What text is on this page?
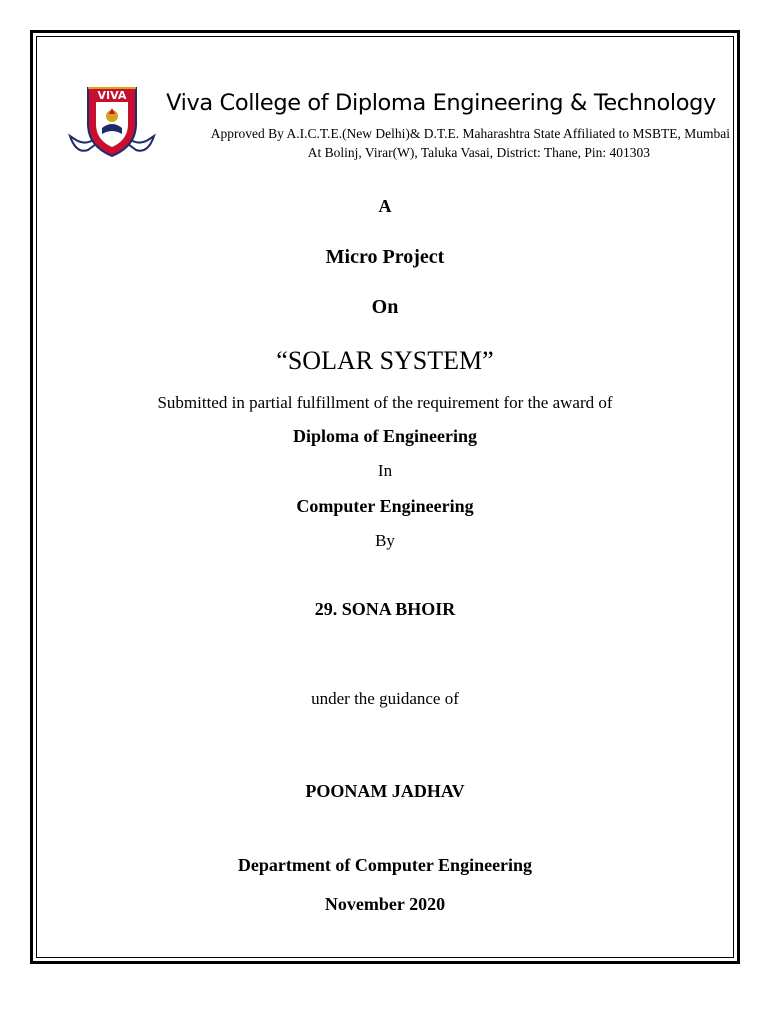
VIVA	Viva College of Diploma Engineering & Technology
Approved By A.I.C.T.E.(New Delhi)& D.T.E. Maharashtra State Affiliated to MSBTE, Mumbai
At Bolinj, Virar(W), Taluka Vasai, District: Thane, Pin: 401303
A
Micro Project
On
“SOLAR SYSTEM”
Submitted in partial fulfillment of the requirement for the award of
Diploma of Engineering
In
Computer Engineering
By
29. SONA BHOIR
under the guidance of
POONAM JADHAV
Department of Computer Engineering
November 2020
